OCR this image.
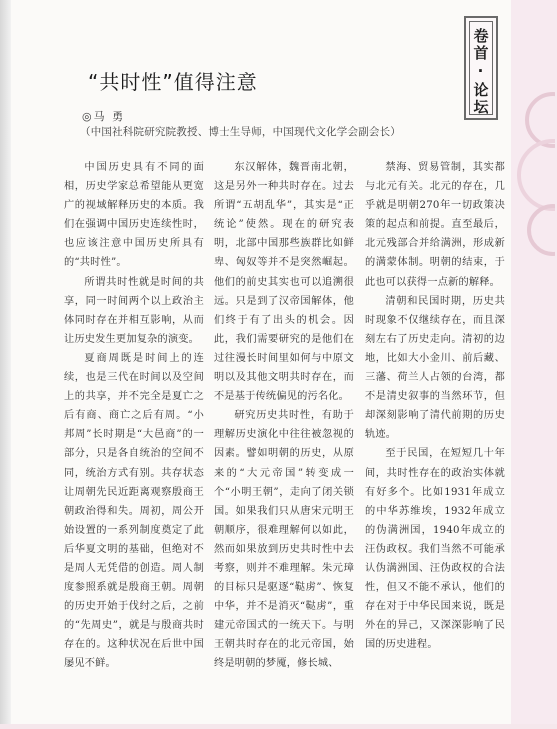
卷首·论坛
“共时性”值得注意
◎马 勇
（中国社科院研究院教授、博士生导师，中国现代文化学会副会长）

中国历史具有不同的面相，历史学家总希望能从更宽广的视域解释历史的本质。我们在强调中国历史连续性时，也应该注意中国历史所具有的“共时性”。

所谓共时性就是时间的共享，同一时间两个以上政治主体同时存在并相互影响，从而让历史发生更加复杂的演变。

夏商周既是时间上的连续，也是三代在时间以及空间上的共享，并不完全是夏亡之后有商、商亡之后有周。“小邦周”长时期是“大邑商”的一部分，只是各自统治的空间不同，统治方式有别。共存状态让周朝先民近距离观察殷商王朝政治得和失。周初，周公开始设置的一系列制度奠定了此后华夏文明的基础，但绝对不是周人无凭借的创造。周人制度参照系就是殷商王朝。周朝的历史开始于伐纣之后，之前的“先周史”，就是与殷商共时存在的。这种状况在后世中国屡见不鲜。

东汉解体，魏晋南北朝，这是另外一种共时存在。过去所谓“五胡乱华”，其实是“正统论”使然。现在的研究表明，北部中国那些族群比如鲜卑、匈奴等并不是突然崛起。他们的前史其实也可以追溯很远。只是到了汉帝国解体，他们终于有了出头的机会。因此，我们需要研究的是他们在过往漫长时间里如何与中原文明以及其他文明共时存在，而不是基于传统偏见的污名化。

研究历史共时性，有助于理解历史演化中往往被忽视的因素。譬如明朝的历史，从原来的“大元帝国”转变成一个“小明王朝”，走向了闭关锁国。如果我们只从唐宋元明王朝顺序，很难理解何以如此，然而如果放到历史共时性中去考察，则并不难理解。朱元璋的目标只是驱逐“鞑虏”、恢复中华，并不是消灭“鞑虏”，重建元帝国式的一统天下。与明王朝共时存在的北元帝国，始终是明朝的梦魇，修长城、

禁海、贸易管制，其实都与北元有关。北元的存在，几乎就是明朝270年一切政策决策的起点和前提。直至最后，北元残部合并给满洲，形成新的满蒙体制。明朝的结束，于此也可以获得一点新的解释。

清朝和民国时期，历史共时现象不仅继续存在，而且深刻左右了历史走向。清初的边地，比如大小金川、前后藏、三藩、荷兰人占领的台湾，都不是清史叙事的当然环节，但却深刻影响了清代前期的历史轨迹。

至于民国，在短短几十年间，共时性存在的政治实体就有好多个。比如1931年成立的中华苏维埃，1932年成立的伪满洲国，1940年成立的汪伪政权。我们当然不可能承认伪满洲国、汪伪政权的合法性，但又不能不承认，他们的存在对于中华民国来说，既是外在的异己，又深深影响了民国的历史进程。
